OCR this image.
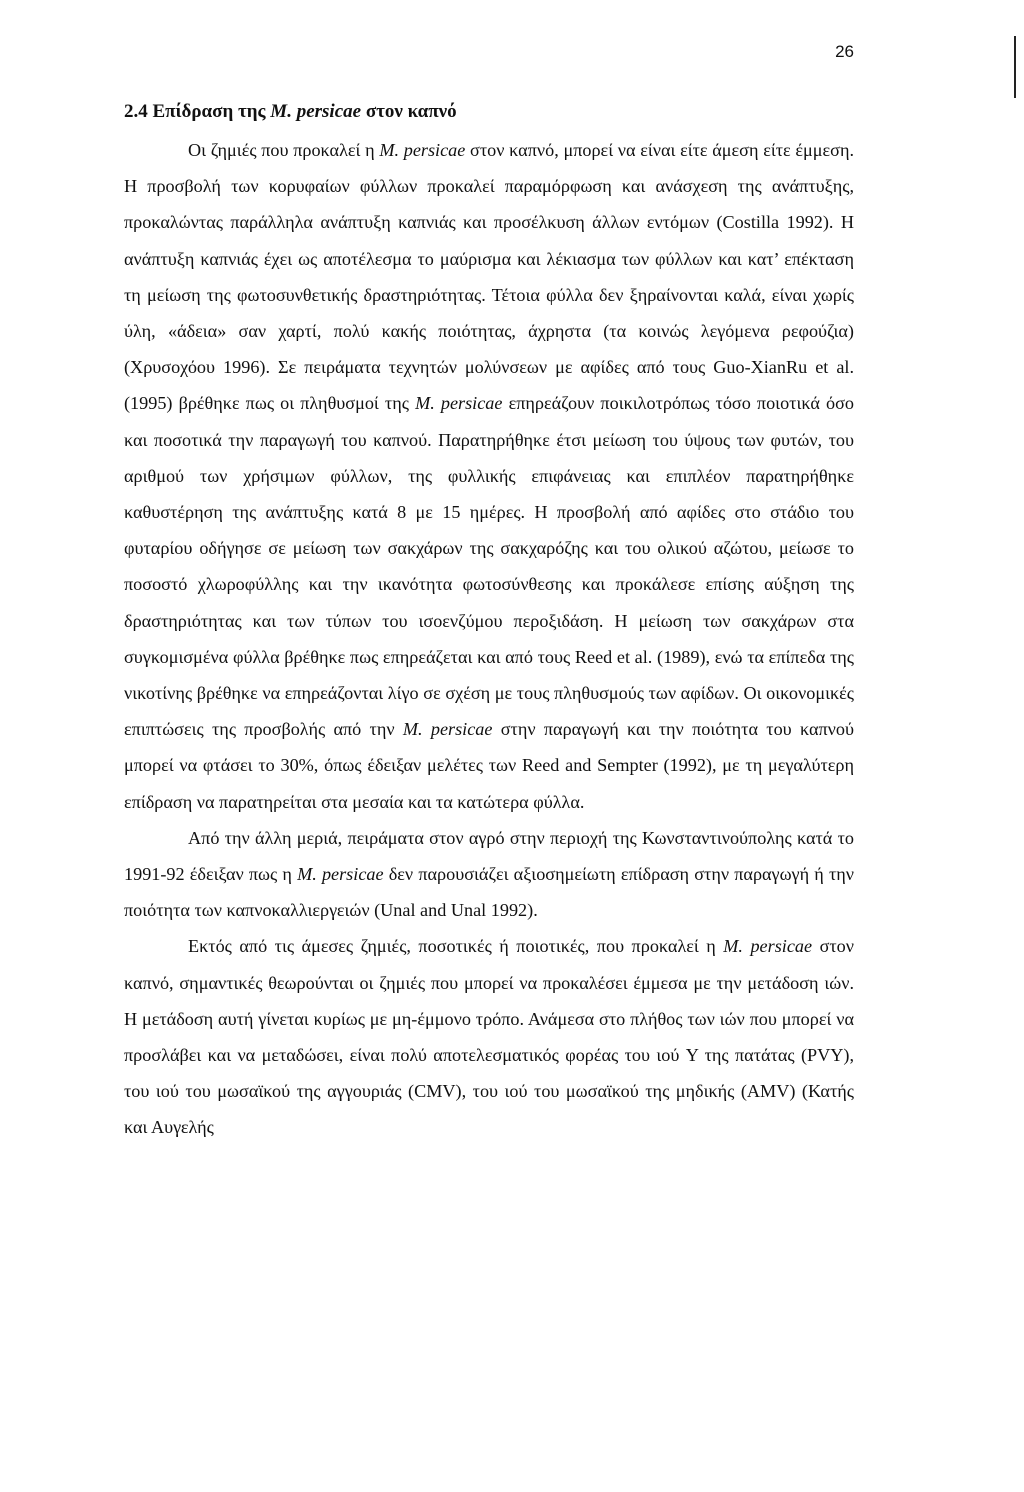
26
2.4 Επίδραση της M. persicae στον καπνό

Οι ζημιές που προκαλεί η M. persicae στον καπνό, μπορεί να είναι είτε άμεση είτε έμμεση. Η προσβολή των κορυφαίων φύλλων προκαλεί παραμόρφωση και ανάσχεση της ανάπτυξης, προκαλώντας παράλληλα ανάπτυξη καπνιάς και προσέλκυση άλλων εντόμων (Costilla 1992). Η ανάπτυξη καπνιάς έχει ως αποτέλεσμα το μαύρισμα και λέκιασμα των φύλλων και κατ’ επέκταση τη μείωση της φωτοσυνθετικής δραστηριότητας. Τέτοια φύλλα δεν ξηραίνονται καλά, είναι χωρίς ύλη, «άδεια» σαν χαρτί, πολύ κακής ποιότητας, άχρηστα (τα κοινώς λεγόμενα ρεφούζια) (Χρυσοχόου 1996). Σε πειράματα τεχνητών μολύνσεων με αφίδες από τους Guo-XianRu et al. (1995) βρέθηκε πως οι πληθυσμοί της M. persicae επηρεάζουν ποικιλοτρόπως τόσο ποιοτικά όσο και ποσοτικά την παραγωγή του καπνού. Παρατηρήθηκε έτσι μείωση του ύψους των φυτών, του αριθμού των χρήσιμων φύλλων, της φυλλικής επιφάνειας και επιπλέον παρατηρήθηκε καθυστέρηση της ανάπτυξης κατά 8 με 15 ημέρες. Η προσβολή από αφίδες στο στάδιο του φυταρίου οδήγησε σε μείωση των σακχάρων της σακχαρόζης και του ολικού αζώτου, μείωσε το ποσοστό χλωροφύλλης και την ικανότητα φωτοσύνθεσης και προκάλεσε επίσης αύξηση της δραστηριότητας και των τύπων του ισοενζύμου περοξιδάση. Η μείωση των σακχάρων στα συγκομισμένα φύλλα βρέθηκε πως επηρεάζεται και από τους Reed et al. (1989), ενώ τα επίπεδα της νικοτίνης βρέθηκε να επηρεάζονται λίγο σε σχέση με τους πληθυσμούς των αφίδων. Οι οικονομικές επιπτώσεις της προσβολής από την M. persicae στην παραγωγή και την ποιότητα του καπνού μπορεί να φτάσει το 30%, όπως έδειξαν μελέτες των Reed and Sempter (1992), με τη μεγαλύτερη επίδραση να παρατηρείται στα μεσαία και τα κατώτερα φύλλα.

Από την άλλη μεριά, πειράματα στον αγρό στην περιοχή της Κωνσταντινούπολης κατά το 1991-92 έδειξαν πως η M. persicae δεν παρουσιάζει αξιοσημείωτη επίδραση στην παραγωγή ή την ποιότητα των καπνοκαλλιεργειών (Unal and Unal 1992).

Εκτός από τις άμεσες ζημιές, ποσοτικές ή ποιοτικές, που προκαλεί η M. persicae στον καπνό, σημαντικές θεωρούνται οι ζημιές που μπορεί να προκαλέσει έμμεσα με την μετάδοση ιών. Η μετάδοση αυτή γίνεται κυρίως με μη-έμμονο τρόπο. Ανάμεσα στο πλήθος των ιών που μπορεί να προσλάβει και να μεταδώσει, είναι πολύ αποτελεσματικός φορέας του ιού Y της πατάτας (PVY), του ιού του μωσαϊκού της αγγουριάς (CMV), του ιού του μωσαϊκού της μηδικής (AMV) (Κατής και Αυγελής
